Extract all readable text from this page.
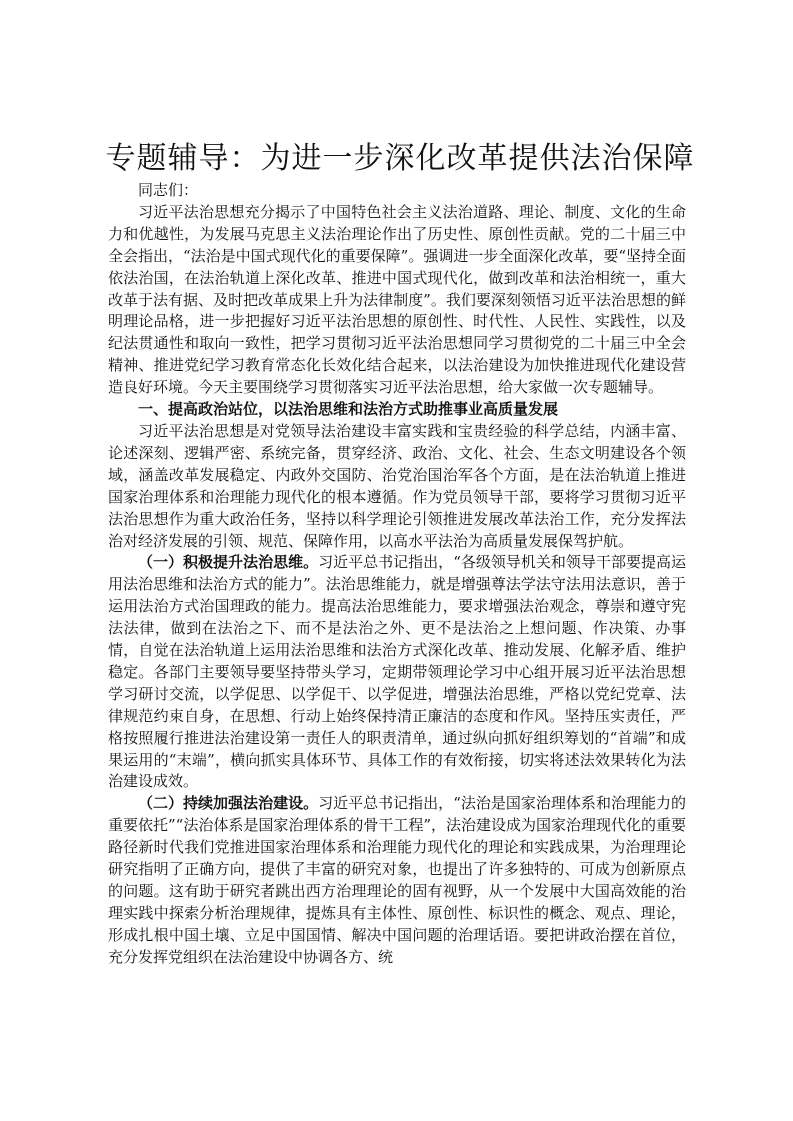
专题辅导：为进一步深化改革提供法治保障

同志们：

习近平法治思想充分揭示了中国特色社会主义法治道路、理论、制度、文化的生命力和优越性，为发展马克思主义法治理论作出了历史性、原创性贡献。党的二十届三中全会指出，“法治是中国式现代化的重要保障”。强调进一步全面深化改革，要“坚持全面依法治国，在法治轨道上深化改革、推进中国式现代化，做到改革和法治相统一，重大改革于法有据、及时把改革成果上升为法律制度”。我们要深刻领悟习近平法治思想的鲜明理论品格，进一步把握好习近平法治思想的原创性、时代性、人民性、实践性，以及纪法贯通性和取向一致性，把学习贯彻习近平法治思想同学习贯彻党的二十届三中全会精神、推进党纪学习教育常态化长效化结合起来，以法治建设为加快推进现代化建设营造良好环境。今天主要围绕学习贯彻落实习近平法治思想，给大家做一次专题辅导。

一、提高政治站位，以法治思维和法治方式助推事业高质量发展

习近平法治思想是对党领导法治建设丰富实践和宝贵经验的科学总结，内涵丰富、论述深刻、逻辑严密、系统完备，贯穿经济、政治、文化、社会、生态文明建设各个领域，涵盖改革发展稳定、内政外交国防、治党治国治军各个方面，是在法治轨道上推进国家治理体系和治理能力现代化的根本遵循。作为党员领导干部，要将学习贯彻习近平法治思想作为重大政治任务，坚持以科学理论引领推进发展改革法治工作，充分发挥法治对经济发展的引领、规范、保障作用，以高水平法治为高质量发展保驾护航。

（一）积极提升法治思维。习近平总书记指出，“各级领导机关和领导干部要提高运用法治思维和法治方式的能力”。法治思维能力，就是增强尊法学法守法用法意识，善于运用法治方式治国理政的能力。提高法治思维能力，要求增强法治观念，尊崇和遵守宪法法律，做到在法治之下、而不是法治之外、更不是法治之上想问题、作决策、办事情，自觉在法治轨道上运用法治思维和法治方式深化改革、推动发展、化解矛盾、维护稳定。各部门主要领导要坚持带头学习，定期带领理论学习中心组开展习近平法治思想学习研讨交流，以学促思、以学促干、以学促进，增强法治思维，严格以党纪党章、法律规范约束自身，在思想、行动上始终保持清正廉洁的态度和作风。坚持压实责任，严格按照履行推进法治建设第一责任人的职责清单，通过纵向抓好组织筹划的“首端”和成果运用的“末端”，横向抓实具体环节、具体工作的有效衔接，切实将述法效果转化为法治建设成效。

（二）持续加强法治建设。习近平总书记指出，“法治是国家治理体系和治理能力的重要依托”“法治体系是国家治理体系的骨干工程”，法治建设成为国家治理现代化的重要路径新时代我们党推进国家治理体系和治理能力现代化的理论和实践成果，为治理理论研究指明了正确方向，提供了丰富的研究对象，也提出了许多独特的、可成为创新原点的问题。这有助于研究者跳出西方治理理论的固有视野，从一个发展中大国高效能的治理实践中探索分析治理规律，提炼具有主体性、原创性、标识性的概念、观点、理论，形成扎根中国土壤、立足中国国情、解决中国问题的治理话语。要把讲政治摆在首位，充分发挥党组织在法治建设中协调各方、统
